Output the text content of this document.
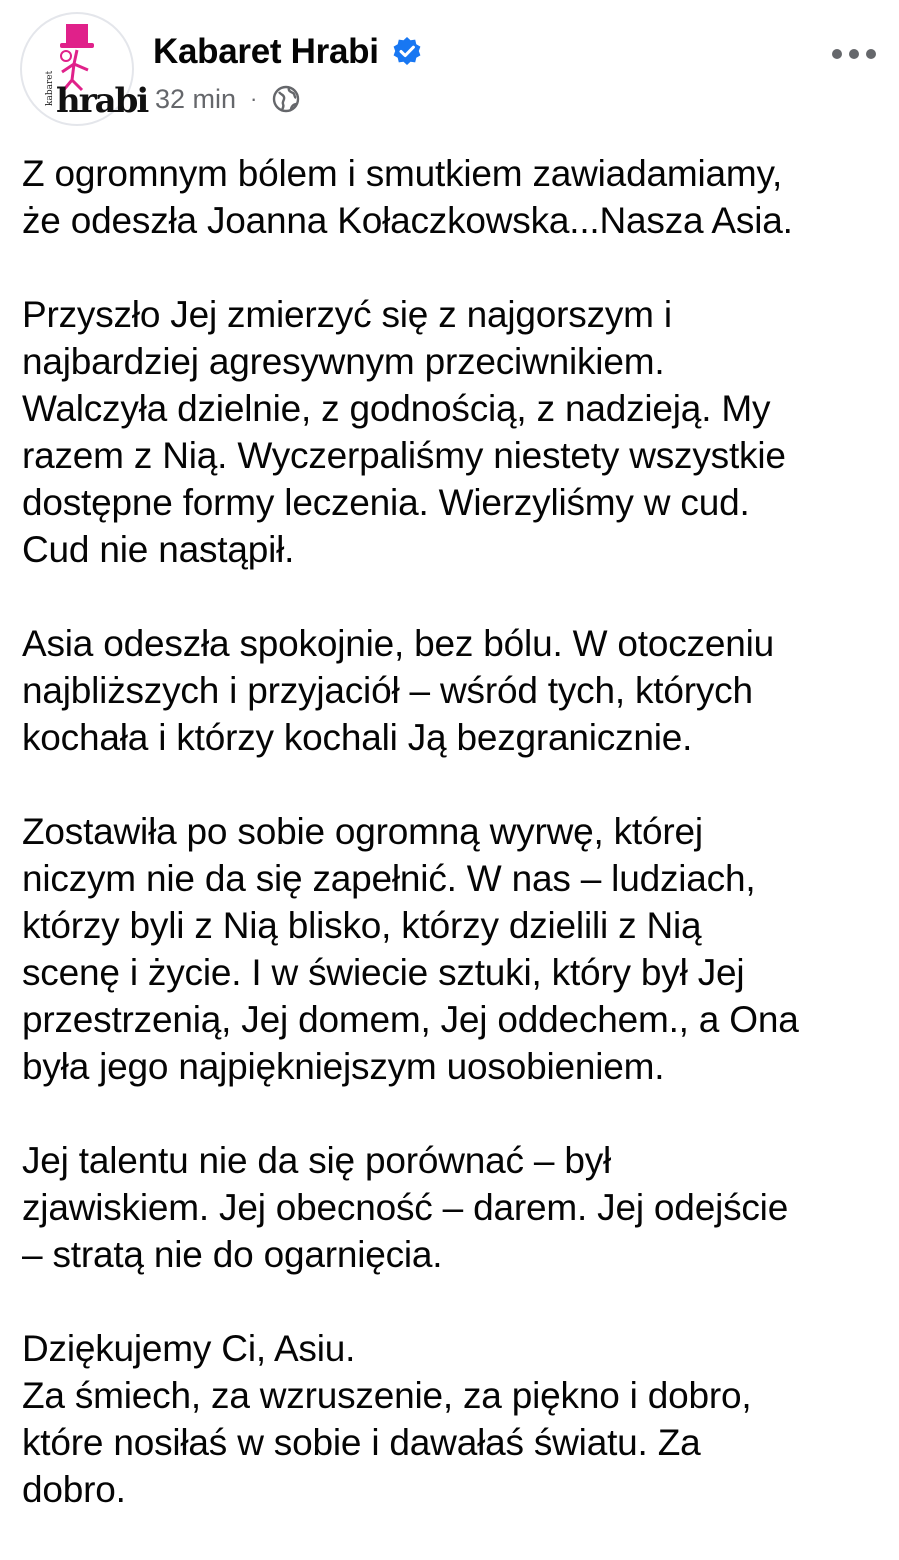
kabaret hrabi
Kabaret Hrabi
32 min ·
Z ogromnym bólem i smutkiem zawiadamiamy,
że odeszła Joanna Kołaczkowska...Nasza Asia.
Przyszło Jej zmierzyć się z najgorszym i
najbardziej agresywnym przeciwnikiem.
Walczyła dzielnie, z godnością, z nadzieją. My
razem z Nią. Wyczerpaliśmy niestety wszystkie
dostępne formy leczenia. Wierzyliśmy w cud.
Cud nie nastąpił.
Asia odeszła spokojnie, bez bólu. W otoczeniu
najbliższych i przyjaciół – wśród tych, których
kochała i którzy kochali Ją bezgranicznie.
Zostawiła po sobie ogromną wyrwę, której
niczym nie da się zapełnić. W nas – ludziach,
którzy byli z Nią blisko, którzy dzielili z Nią
scenę i życie. I w świecie sztuki, który był Jej
przestrzenią, Jej domem, Jej oddechem., a Ona
była jego najpiękniejszym uosobieniem.
Jej talentu nie da się porównać – był
zjawiskiem. Jej obecność – darem. Jej odejście
– stratą nie do ogarnięcia.
Dziękujemy Ci, Asiu.
Za śmiech, za wzruszenie, za piękno i dobro,
które nosiłaś w sobie i dawałaś światu. Za
dobro.
